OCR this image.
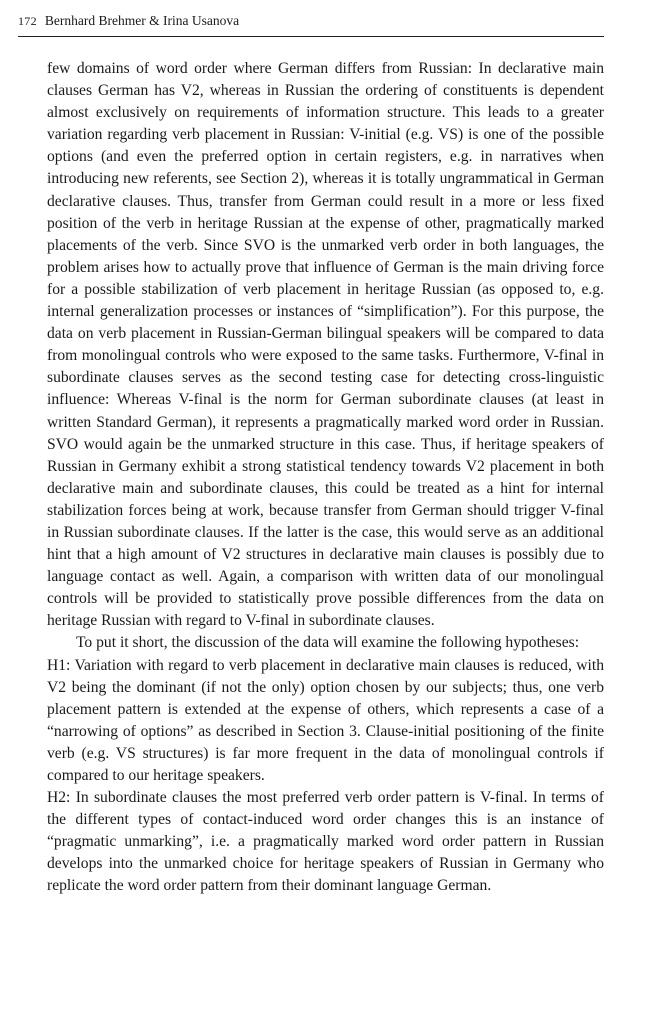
172 Bernhard Brehmer & Irina Usanova

few domains of word order where German differs from Russian: In declarative main clauses German has V2, whereas in Russian the ordering of constituents is dependent almost exclusively on requirements of information structure. This leads to a greater variation regarding verb placement in Russian: V-initial (e.g. VS) is one of the possible options (and even the preferred option in certain registers, e.g. in narratives when introducing new referents, see Section 2), whereas it is totally ungrammatical in German declarative clauses. Thus, transfer from German could result in a more or less fixed position of the verb in heritage Russian at the expense of other, pragmatically marked placements of the verb. Since SVO is the unmarked verb order in both languages, the problem arises how to actually prove that influence of German is the main driving force for a possible stabilization of verb placement in heritage Russian (as opposed to, e.g. internal generalization processes or instances of “simplification”). For this purpose, the data on verb placement in Russian-German bilingual speakers will be compared to data from monolingual controls who were exposed to the same tasks. Furthermore, V-final in subordinate clauses serves as the second testing case for detecting cross-linguistic influence: Whereas V-final is the norm for German subordinate clauses (at least in written Standard German), it represents a pragmatically marked word order in Russian. SVO would again be the unmarked structure in this case. Thus, if heritage speakers of Russian in Germany exhibit a strong statistical tendency towards V2 placement in both declarative main and subordinate clauses, this could be treated as a hint for internal stabilization forces being at work, because transfer from German should trigger V-final in Russian subordinate clauses. If the latter is the case, this would serve as an additional hint that a high amount of V2 structures in declarative main clauses is possibly due to language contact as well. Again, a comparison with written data of our monolingual controls will be provided to statistically prove possible differences from the data on heritage Russian with regard to V-final in subordinate clauses.

To put it short, the discussion of the data will examine the following hypotheses:

H1: Variation with regard to verb placement in declarative main clauses is reduced, with V2 being the dominant (if not the only) option chosen by our subjects; thus, one verb placement pattern is extended at the expense of others, which represents a case of a “narrowing of options” as described in Section 3. Clause-initial positioning of the finite verb (e.g. VS structures) is far more frequent in the data of monolingual controls if compared to our heritage speakers.

H2: In subordinate clauses the most preferred verb order pattern is V-final. In terms of the different types of contact-induced word order changes this is an instance of “pragmatic unmarking”, i.e. a pragmatically marked word order pattern in Russian develops into the unmarked choice for heritage speakers of Russian in Germany who replicate the word order pattern from their dominant language German.
